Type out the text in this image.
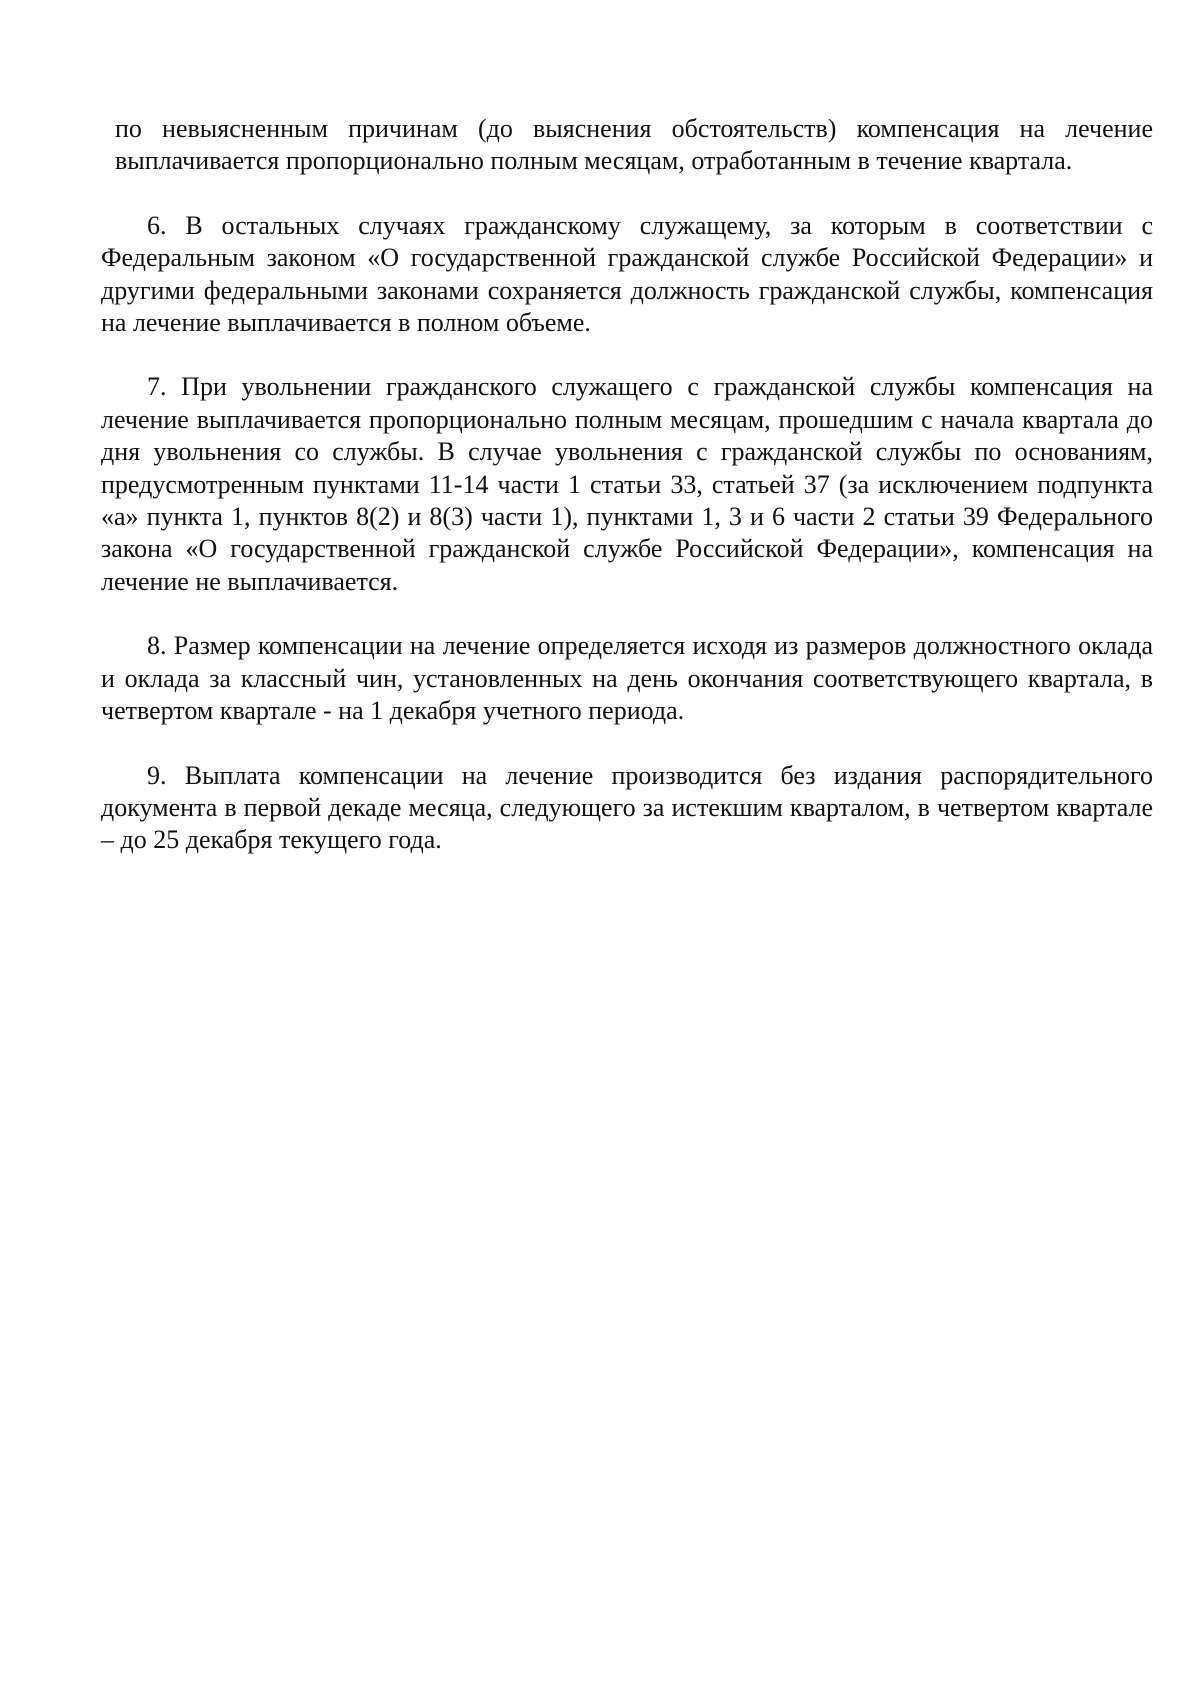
по невыясненным причинам (до выяснения обстоятельств) компенсация на лечение выплачивается пропорционально полным месяцам, отработанным в течение квартала.

6. В остальных случаях гражданскому служащему, за которым в соответствии с Федеральным законом «О государственной гражданской службе Российской Федерации» и другими федеральными законами сохраняется должность гражданской службы, компенсация на лечение выплачивается в полном объеме.

7. При увольнении гражданского служащего с гражданской службы компенсация на лечение выплачивается пропорционально полным месяцам, прошедшим с начала квартала до дня увольнения со службы. В случае увольнения с гражданской службы по основаниям, предусмотренным пунктами 11-14 части 1 статьи 33, статьей 37 (за исключением подпункта «а» пункта 1, пунктов 8(2) и 8(3) части 1), пунктами 1, 3 и 6 части 2 статьи 39 Федерального закона «О государственной гражданской службе Российской Федерации», компенсация на лечение не выплачивается.

8. Размер компенсации на лечение определяется исходя из размеров должностного оклада и оклада за классный чин, установленных на день окончания соответствующего квартала, в четвертом квартале - на 1 декабря учетного периода.

9. Выплата компенсации на лечение производится без издания распорядительного документа в первой декаде месяца, следующего за истекшим кварталом, в четвертом квартале – до 25 декабря текущего года.
